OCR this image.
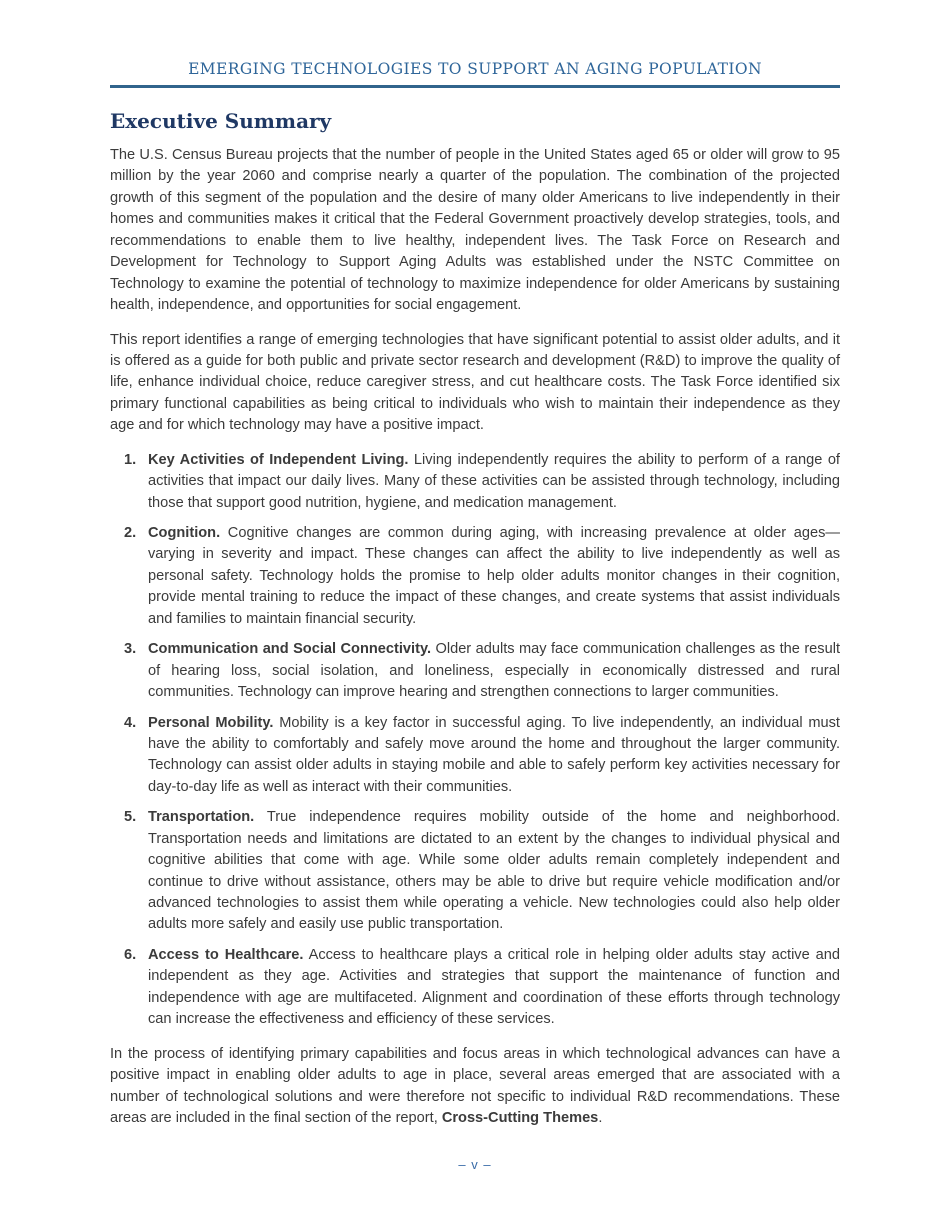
EMERGING TECHNOLOGIES TO SUPPORT AN AGING POPULATION
Executive Summary

The U.S. Census Bureau projects that the number of people in the United States aged 65 or older will grow to 95 million by the year 2060 and comprise nearly a quarter of the population. The combination of the projected growth of this segment of the population and the desire of many older Americans to live independently in their homes and communities makes it critical that the Federal Government proactively develop strategies, tools, and recommendations to enable them to live healthy, independent lives. The Task Force on Research and Development for Technology to Support Aging Adults was established under the NSTC Committee on Technology to examine the potential of technology to maximize independence for older Americans by sustaining health, independence, and opportunities for social engagement.

This report identifies a range of emerging technologies that have significant potential to assist older adults, and it is offered as a guide for both public and private sector research and development (R&D) to improve the quality of life, enhance individual choice, reduce caregiver stress, and cut healthcare costs. The Task Force identified six primary functional capabilities as being critical to individuals who wish to maintain their independence as they age and for which technology may have a positive impact.

1. Key Activities of Independent Living. Living independently requires the ability to perform of a range of activities that impact our daily lives. Many of these activities can be assisted through technology, including those that support good nutrition, hygiene, and medication management.

2. Cognition. Cognitive changes are common during aging, with increasing prevalence at older ages—varying in severity and impact. These changes can affect the ability to live independently as well as personal safety. Technology holds the promise to help older adults monitor changes in their cognition, provide mental training to reduce the impact of these changes, and create systems that assist individuals and families to maintain financial security.

3. Communication and Social Connectivity. Older adults may face communication challenges as the result of hearing loss, social isolation, and loneliness, especially in economically distressed and rural communities. Technology can improve hearing and strengthen connections to larger communities.

4. Personal Mobility. Mobility is a key factor in successful aging. To live independently, an individual must have the ability to comfortably and safely move around the home and throughout the larger community. Technology can assist older adults in staying mobile and able to safely perform key activities necessary for day-to-day life as well as interact with their communities.

5. Transportation. True independence requires mobility outside of the home and neighborhood. Transportation needs and limitations are dictated to an extent by the changes to individual physical and cognitive abilities that come with age. While some older adults remain completely independent and continue to drive without assistance, others may be able to drive but require vehicle modification and/or advanced technologies to assist them while operating a vehicle. New technologies could also help older adults more safely and easily use public transportation.

6. Access to Healthcare. Access to healthcare plays a critical role in helping older adults stay active and independent as they age. Activities and strategies that support the maintenance of function and independence with age are multifaceted. Alignment and coordination of these efforts through technology can increase the effectiveness and efficiency of these services.

In the process of identifying primary capabilities and focus areas in which technological advances can have a positive impact in enabling older adults to age in place, several areas emerged that are associated with a number of technological solutions and were therefore not specific to individual R&D recommendations. These areas are included in the final section of the report, Cross-Cutting Themes.

– v –
